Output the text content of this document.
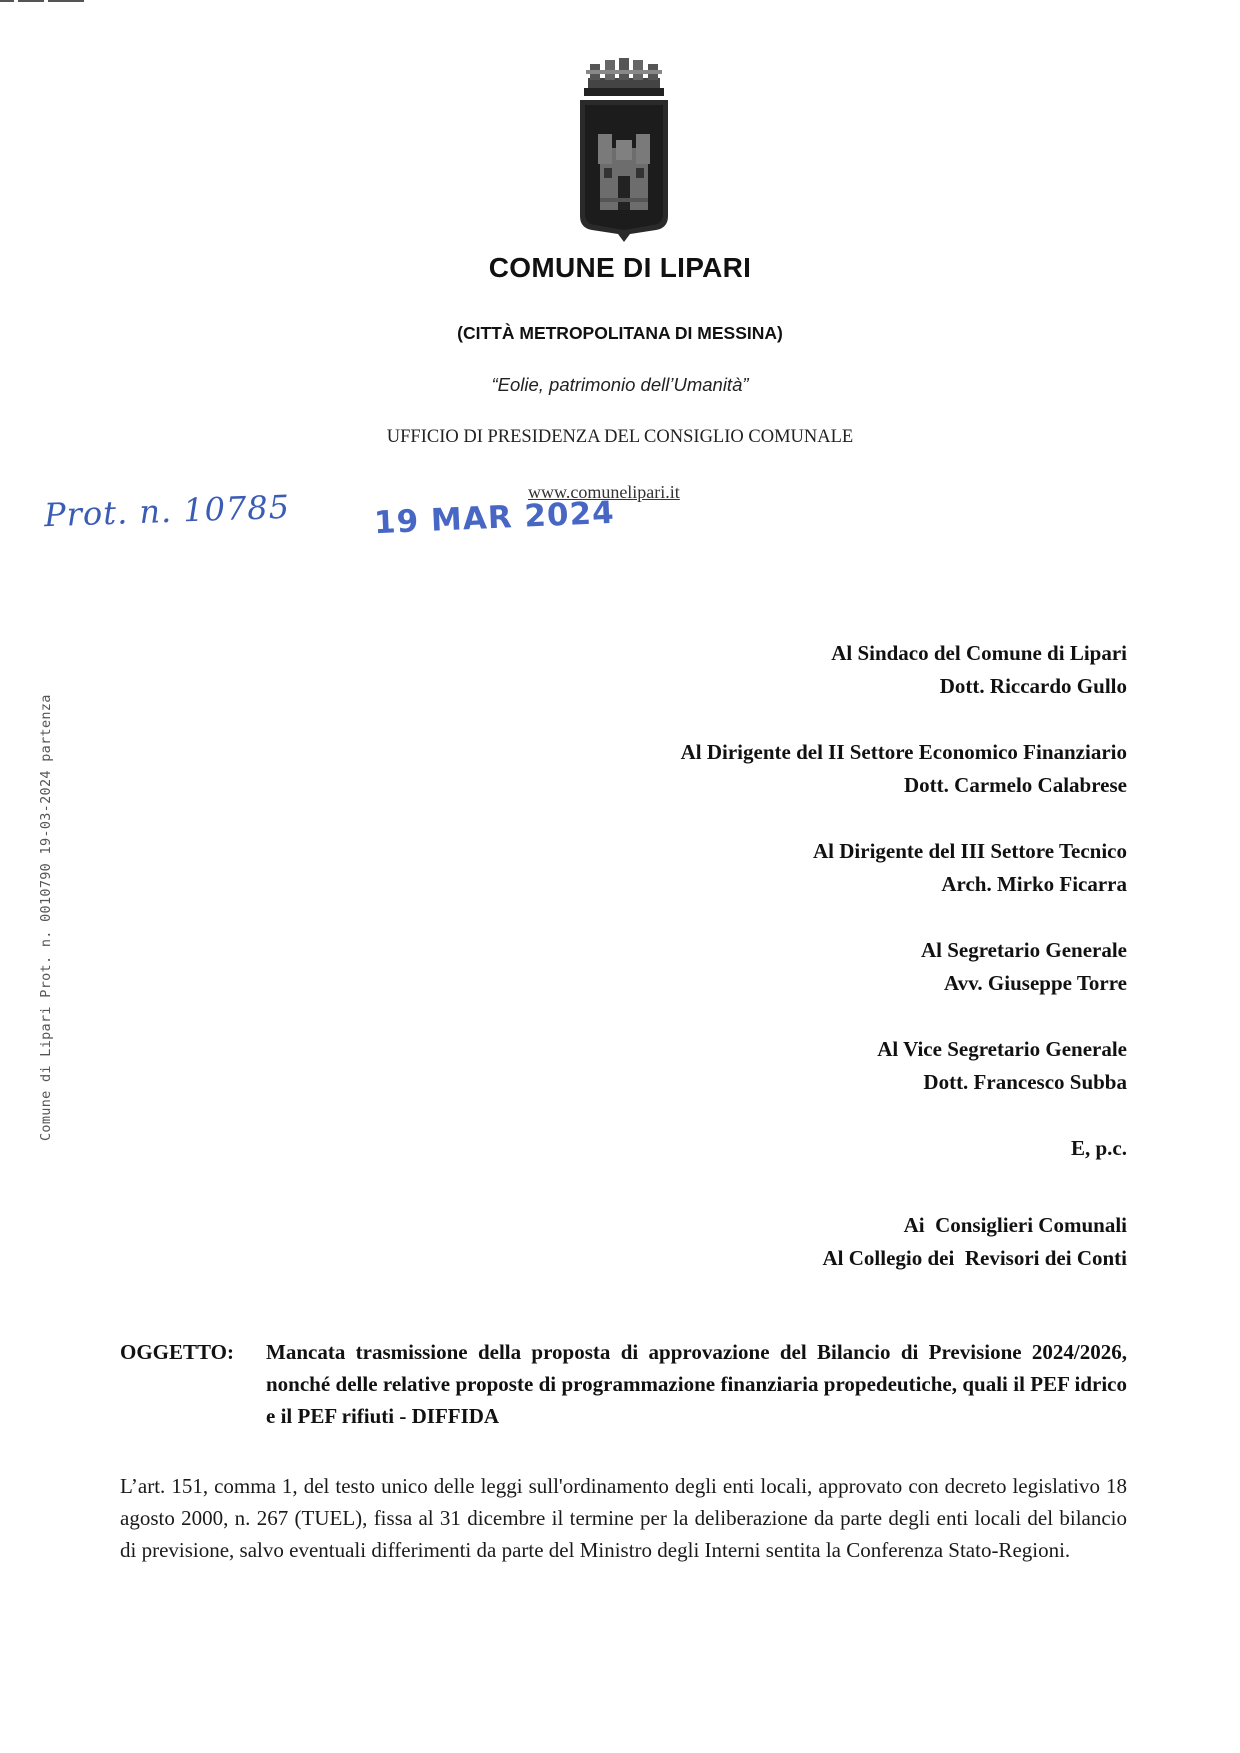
COMUNE DI LIPARI
(CITTÀ METROPOLITANA DI MESSINA)
“Eolie, patrimonio dell’Umanità”
UFFICIO DI PRESIDENZA DEL CONSIGLIO COMUNALE
www.comunelipari.it
Prot. n. 10785	19 MAR 2024
Comune di Lipari Prot. n. 0010790 19-03-2024 partenza
Al Sindaco del Comune di Lipari
Dott. Riccardo Gullo
Al Dirigente del II Settore Economico Finanziario
Dott. Carmelo Calabrese
Al Dirigente del III Settore Tecnico
Arch. Mirko Ficarra
Al Segretario Generale
Avv. Giuseppe Torre
Al Vice Segretario Generale
Dott. Francesco Subba
E, p.c.
Ai  Consiglieri Comunali
Al Collegio dei  Revisori dei Conti
OGGETTO: Mancata trasmissione della proposta di approvazione del Bilancio di Previsione 2024/2026, nonché delle relative proposte di programmazione finanziaria propedeutiche, quali il PEF idrico e il PEF rifiuti - DIFFIDA
L’art. 151, comma 1, del testo unico delle leggi sull'ordinamento degli enti locali, approvato con decreto legislativo 18 agosto 2000, n. 267 (TUEL), fissa al 31 dicembre il termine per la deliberazione da parte degli enti locali del bilancio di previsione, salvo eventuali differimenti da parte del Ministro degli Interni sentita la Conferenza Stato-Regioni.
